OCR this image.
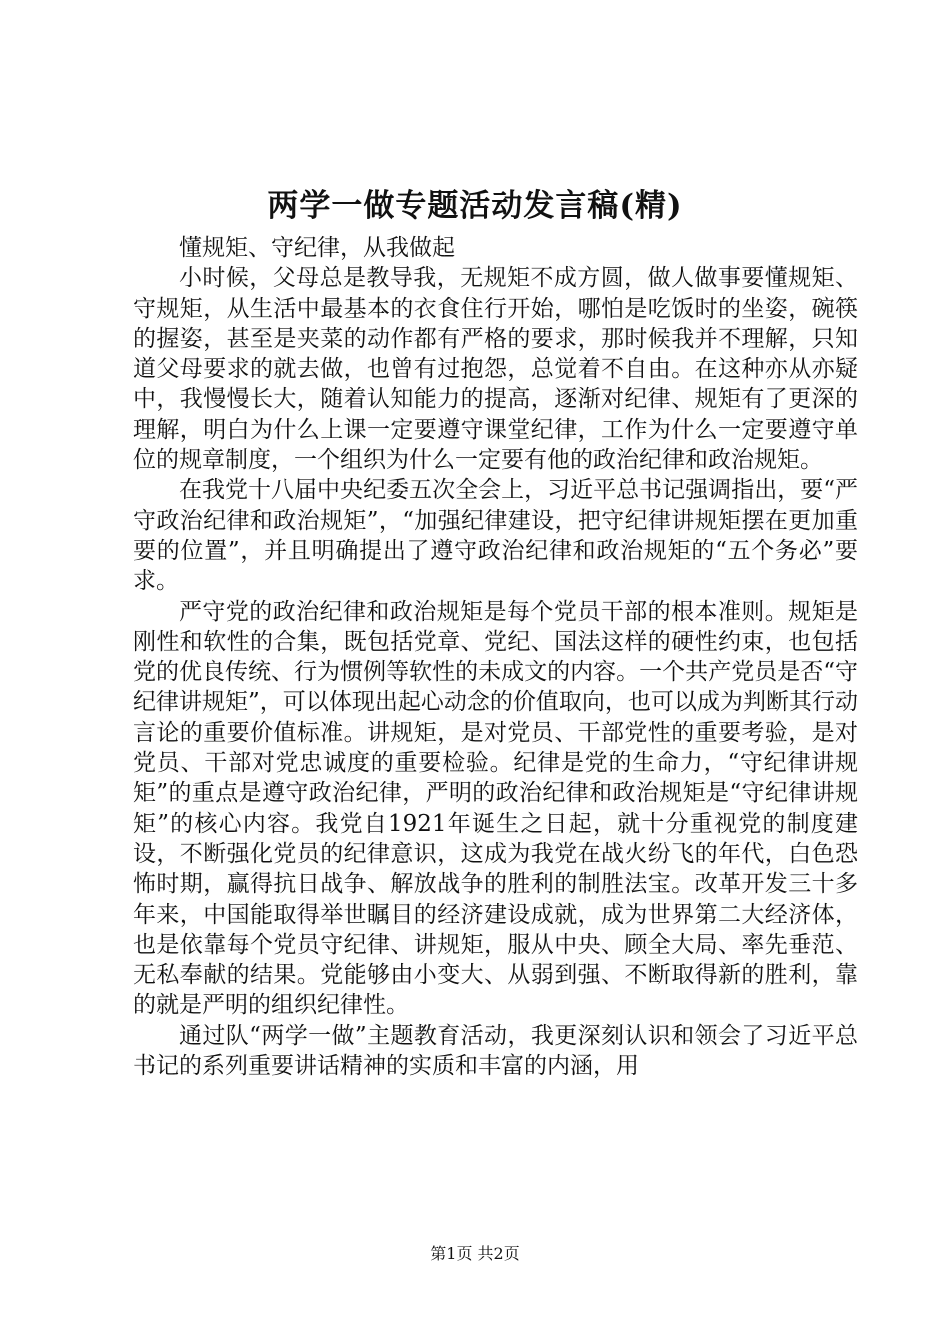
两学一做专题活动发言稿(精)

懂规矩、守纪律，从我做起

小时候，父母总是教导我，无规矩不成方圆，做人做事要懂规矩、守规矩，从生活中最基本的衣食住行开始，哪怕是吃饭时的坐姿，碗筷的握姿，甚至是夹菜的动作都有严格的要求，那时候我并不理解，只知道父母要求的就去做，也曾有过抱怨，总觉着不自由。在这种亦从亦疑中，我慢慢长大，随着认知能力的提高，逐渐对纪律、规矩有了更深的理解，明白为什么上课一定要遵守课堂纪律，工作为什么一定要遵守单位的规章制度，一个组织为什么一定要有他的政治纪律和政治规矩。

在我党十八届中央纪委五次全会上，习近平总书记强调指出，要“严守政治纪律和政治规矩”，“加强纪律建设，把守纪律讲规矩摆在更加重要的位置”，并且明确提出了遵守政治纪律和政治规矩的“五个务必”要求。

严守党的政治纪律和政治规矩是每个党员干部的根本准则。规矩是刚性和软性的合集，既包括党章、党纪、国法这样的硬性约束，也包括党的优良传统、行为惯例等软性的未成文的内容。一个共产党员是否“守纪律讲规矩”，可以体现出起心动念的价值取向，也可以成为判断其行动言论的重要价值标准。讲规矩，是对党员、干部党性的重要考验，是对党员、干部对党忠诚度的重要检验。纪律是党的生命力，“守纪律讲规矩”的重点是遵守政治纪律，严明的政治纪律和政治规矩是“守纪律讲规矩”的核心内容。我党自1921年诞生之日起，就十分重视党的制度建设，不断强化党员的纪律意识，这成为我党在战火纷飞的年代，白色恐怖时期，赢得抗日战争、解放战争的胜利的制胜法宝。改革开发三十多年来，中国能取得举世瞩目的经济建设成就，成为世界第二大经济体，也是依靠每个党员守纪律、讲规矩，服从中央、顾全大局、率先垂范、无私奉献的结果。党能够由小变大、从弱到强、不断取得新的胜利，靠的就是严明的组织纪律性。

通过队“两学一做”主题教育活动，我更深刻认识和领会了习近平总书记的系列重要讲话精神的实质和丰富的内涵，用

第1页 共2页
